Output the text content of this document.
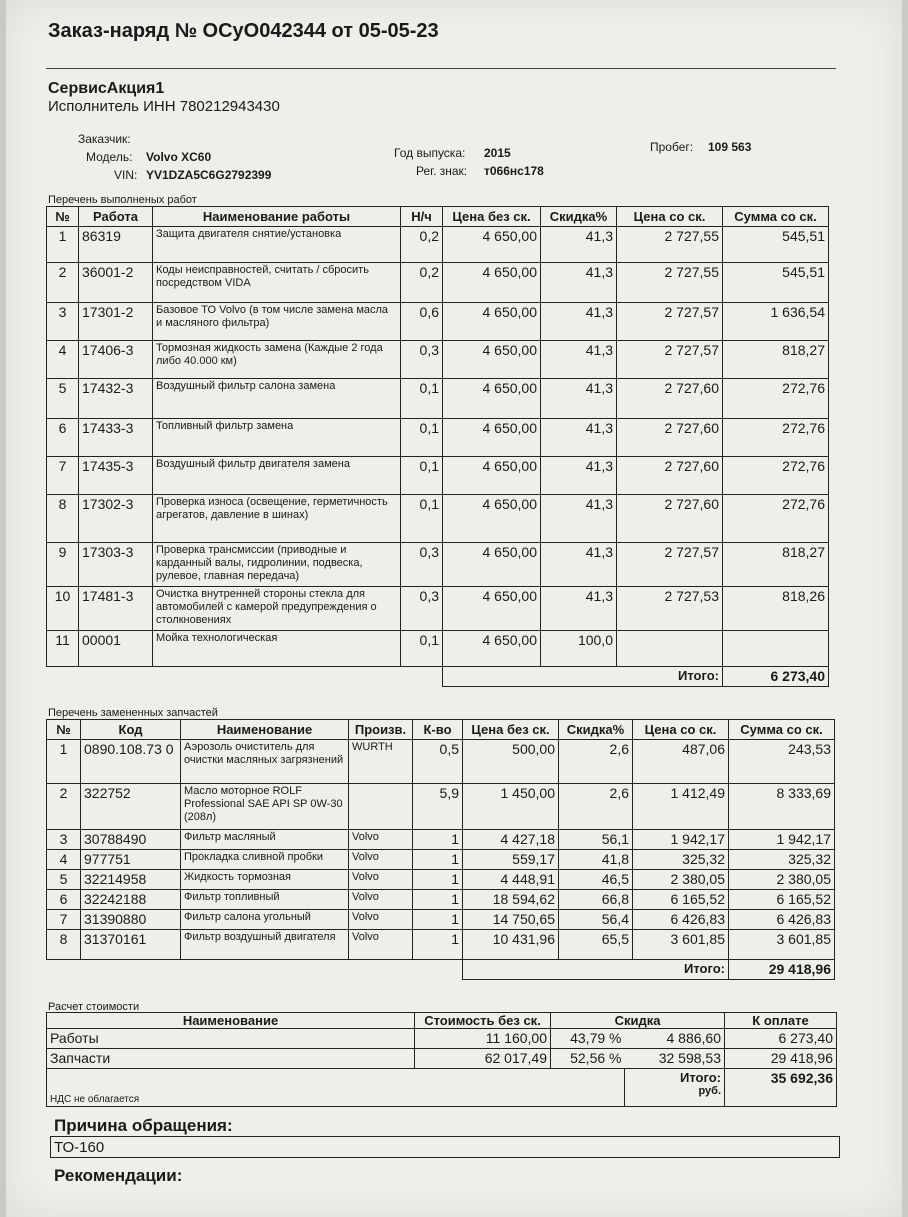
Заказ-наряд № ОСуО042344 от 05-05-23
СервисАкция1
Исполнитель ИНН 780212943430
Заказчик:
Модель: Volvo XC60
VIN: YV1DZA5C6G2792399
Год выпуска: 2015
Рег. знак: т066нс178
Пробег: 109 563
Перечень выполненых работ
№	Работа	Наименование работы	Н/ч	Цена без ск.	Скидка%	Цена со ск.	Сумма со ск.
1	86319	Защита двигателя снятие/установка	0,2	4 650,00	41,3	2 727,55	545,51
2	36001-2	Коды неисправностей, считать / сбросить посредством VIDA	0,2	4 650,00	41,3	2 727,55	545,51
3	17301-2	Базовое ТО Volvo (в том числе замена масла и масляного фильтра)	0,6	4 650,00	41,3	2 727,57	1 636,54
4	17406-3	Тормозная жидкость замена (Каждые 2 года либо 40.000 км)	0,3	4 650,00	41,3	2 727,57	818,27
5	17432-3	Воздушный фильтр салона замена	0,1	4 650,00	41,3	2 727,60	272,76
6	17433-3	Топливный фильтр замена	0,1	4 650,00	41,3	2 727,60	272,76
7	17435-3	Воздушный фильтр двигателя замена	0,1	4 650,00	41,3	2 727,60	272,76
8	17302-3	Проверка износа (освещение, герметичность агрегатов, давление в шинах)	0,1	4 650,00	41,3	2 727,60	272,76
9	17303-3	Проверка трансмиссии (приводные и карданный валы, гидролинии, подвеска, рулевое, главная передача)	0,3	4 650,00	41,3	2 727,57	818,27
10	17481-3	Очистка внутренней стороны стекла для автомобилей с камерой предупреждения о столкновениях	0,3	4 650,00	41,3	2 727,53	818,26
11	00001	Мойка технологическая	0,1	4 650,00	100,0		
				Итого:			6 273,40
Перечень замененных запчастей
№	Код	Наименование	Произв.	К-во	Цена без ск.	Скидка%	Цена со ск.	Сумма со ск.
1	0890.108.73 0	Аэрозоль очиститель для очистки масляных загрязнений	WURTH	0,5	500,00	2,6	487,06	243,53
2	322752	Масло моторное ROLF Professional SAE API SP 0W-30 (208л)		5,9	1 450,00	2,6	1 412,49	8 333,69
3	30788490	Фильтр масляный	Volvo	1	4 427,18	56,1	1 942,17	1 942,17
4	977751	Прокладка сливной пробки	Volvo	1	559,17	41,8	325,32	325,32
5	32214958	Жидкость тормозная	Volvo	1	4 448,91	46,5	2 380,05	2 380,05
6	32242188	Фильтр топливный	Volvo	1	18 594,62	66,8	6 165,52	6 165,52
7	31390880	Фильтр салона угольный	Volvo	1	14 750,65	56,4	6 426,83	6 426,83
8	31370161	Фильтр воздушный двигателя	Volvo	1	10 431,96	65,5	3 601,85	3 601,85
					Итого:			29 418,96
Расчет стоимости
Наименование	Стоимость без ск.	Скидка		К оплате
Работы	11 160,00	43,79 %	4 886,60	6 273,40
Запчасти	62 017,49	52,56 %	32 598,53	29 418,96
НДС не облагается			Итого:
руб.	35 692,36
Причина обращения:
ТО-160
Рекомендации:
